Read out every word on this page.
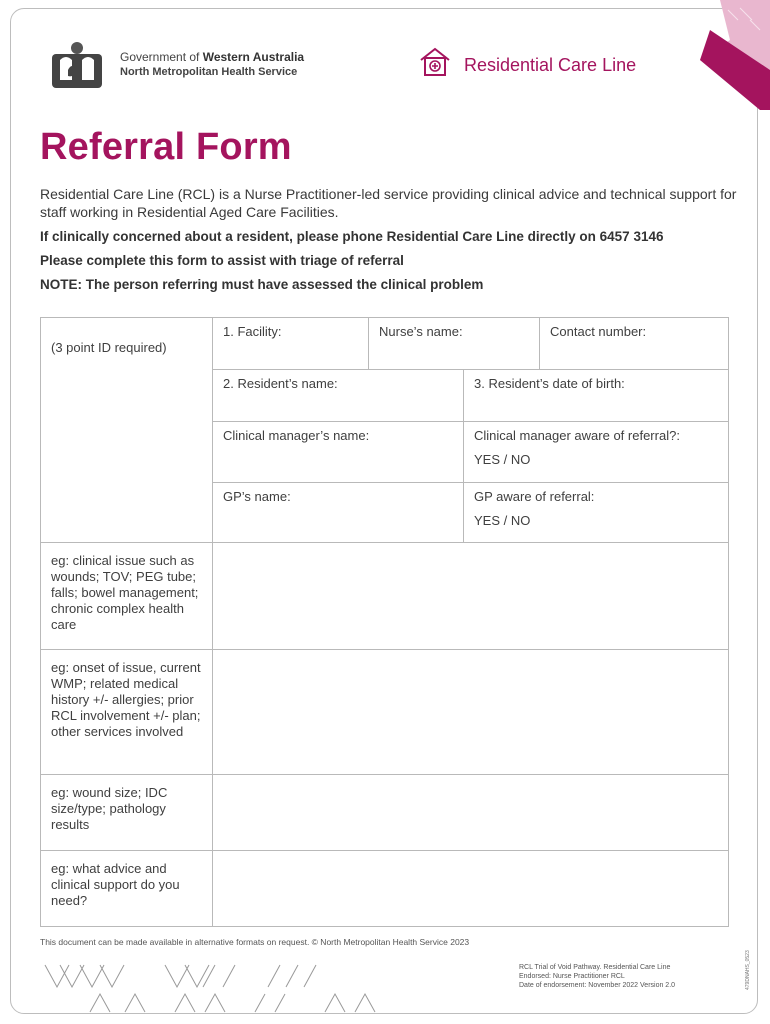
Government of Western Australia
North Metropolitan Health Service	Residential Care Line
Referral Form
Residential Care Line (RCL) is a Nurse Practitioner-led service providing clinical advice and technical support for staff working in Residential Aged Care Facilities.
If clinically concerned about a resident, please phone Residential Care Line directly on 6457 3146
Please complete this form to assist with triage of referral
NOTE: The person referring must have assessed the clinical problem
(3 point ID required)	1. Facility:	Nurse’s name:		Contact number:

	2. Resident’s name:		3. Resident’s date of birth:	

	Clinical manager’s name:		Clinical manager aware of referral?:
YES / NO	

	GP’s name:		GP aware of referral:
YES / NO	

eg: clinical issue such as wounds; TOV; PEG tube; falls; bowel management; chronic complex health care				

eg: onset of issue, current WMP; related medical history +/- allergies; prior RCL involvement +/- plan; other services involved				

eg: wound size; IDC size/type; pathology results				

eg: what advice and clinical support do you need?				

This document can be made available in alternative formats on request. © North Metropolitan Health Service 2023
RCL Trial of Void Pathway. Residential Care Line
Endorsed: Nurse Practitioner RCL
Date of endorsement: November 2022 Version 2.0	479DNAHS_0523
